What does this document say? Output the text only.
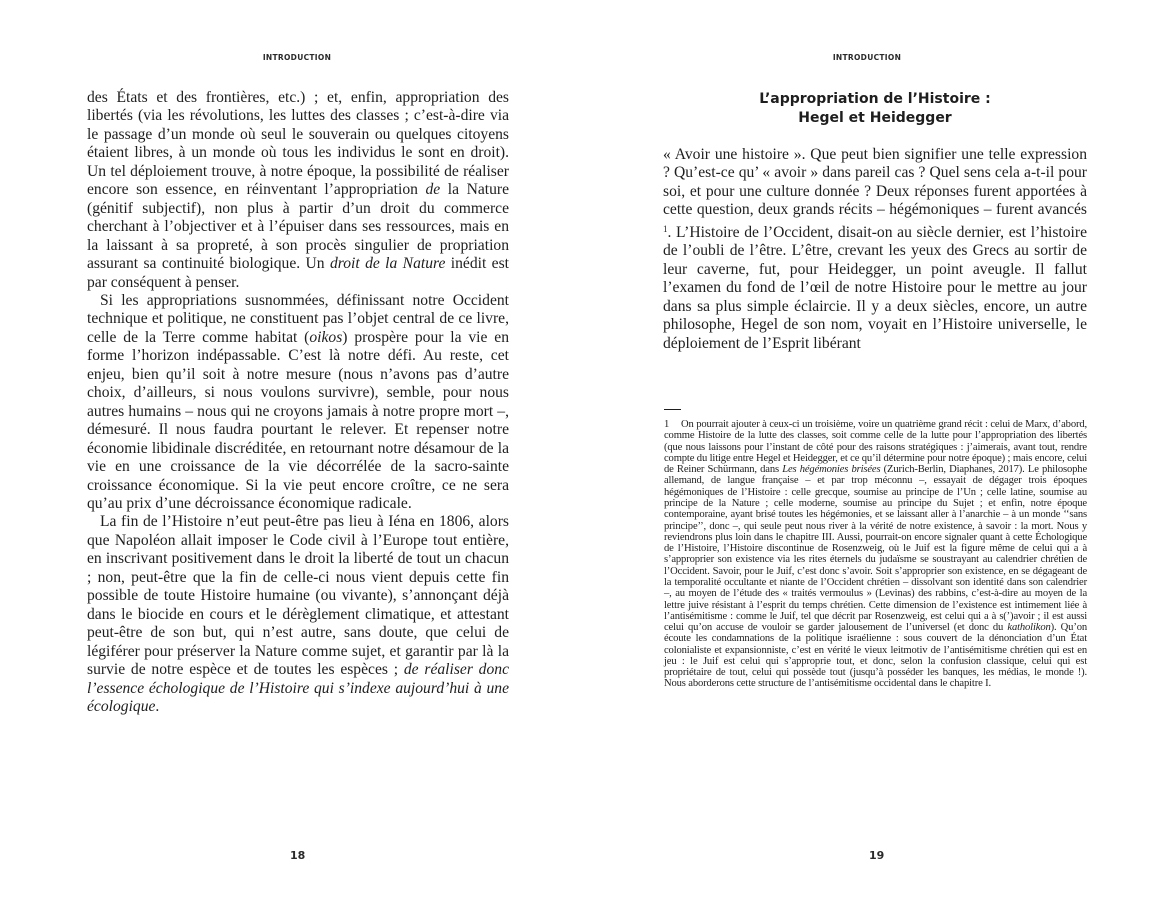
INTRODUCTION

des États et des frontières, etc.) ; et, enfin, appropriation des libertés (via les révolutions, les luttes des classes ; c’est-à-dire via le passage d’un monde où seul le souverain ou quelques citoyens étaient libres, à un monde où tous les individus le sont en droit). Un tel déploiement trouve, à notre époque, la possibilité de réaliser encore son essence, en réinventant l’appropriation de la Nature (génitif subjectif), non plus à partir d’un droit du commerce cherchant à l’objectiver et à l’épuiser dans ses ressources, mais en la laissant à sa propreté, à son procès singulier de propriation assurant sa continuité biologique. Un droit de la Nature inédit est par conséquent à penser.

Si les appropriations susnommées, définissant notre Occident technique et politique, ne constituent pas l’objet central de ce livre, celle de la Terre comme habitat (oikos) prospère pour la vie en forme l’horizon indépassable. C’est là notre défi. Au reste, cet enjeu, bien qu’il soit à notre mesure (nous n’avons pas d’autre choix, d’ailleurs, si nous voulons survivre), semble, pour nous autres humains – nous qui ne croyons jamais à notre propre mort –, démesuré. Il nous faudra pourtant le relever. Et repenser notre économie libidinale discréditée, en retournant notre désamour de la vie en une croissance de la vie décorrélée de la sacro-sainte croissance économique. Si la vie peut encore croître, ce ne sera qu’au prix d’une décroissance économique radicale.

La fin de l’Histoire n’eut peut-être pas lieu à Iéna en 1806, alors que Napoléon allait imposer le Code civil à l’Europe tout entière, en inscrivant positivement dans le droit la liberté de tout un chacun ; non, peut-être que la fin de celle-ci nous vient depuis cette fin possible de toute Histoire humaine (ou vivante), s’annonçant déjà dans le biocide en cours et le dérèglement climatique, et attestant peut-être de son but, qui n’est autre, sans doute, que celui de légiférer pour préserver la Nature comme sujet, et garantir par là la survie de notre espèce et de toutes les espèces ; de réaliser donc l’essence échologique de l’Histoire qui s’indexe aujourd’hui à une écologique.

18
INTRODUCTION
L’appropriation de l’Histoire :
Hegel et Heidegger

« Avoir une histoire ». Que peut bien signifier une telle expression ? Qu’est-ce qu’ « avoir » dans pareil cas ? Quel sens cela a-t-il pour soi, et pour une culture donnée ? Deux réponses furent apportées à cette question, deux grands récits – hégémoniques – furent avancés $^1$. L’Histoire de l’Occident, disait-on au siècle dernier, est l’histoire de l’oubli de l’être. L’être, crevant les yeux des Grecs au sortir de leur caverne, fut, pour Heidegger, un point aveugle. Il fallut l’examen du fond de l’œil de notre Histoire pour le mettre au jour dans sa plus simple éclaircie. Il y a deux siècles, encore, un autre philosophe, Hegel de son nom, voyait en l’Histoire universelle, le déploiement de l’Esprit libérant

1 On pourrait ajouter à ceux-ci un troisième, voire un quatrième grand récit : celui de Marx, d’abord, comme Histoire de la lutte des classes, soit comme celle de la lutte pour l’appropriation des libertés (que nous laissons pour l’instant de côté pour des raisons stratégiques : j’aimerais, avant tout, rendre compte du litige entre Hegel et Heidegger, et ce qu’il détermine pour notre époque) ; mais encore, celui de Reiner Schürmann, dans Les hégémonies brisées (Zurich-Berlin, Diaphanes, 2017). Le philosophe allemand, de langue française – et par trop méconnu –, essayait de dégager trois époques hégémoniques de l’Histoire : celle grecque, soumise au principe de l’Un ; celle latine, soumise au principe de la Nature ; celle moderne, soumise au principe du Sujet ; et enfin, notre époque contemporaine, ayant brisé toutes les hégémonies, et se laissant aller à l’anarchie – à un monde ‘‘sans principe’’, donc –, qui seule peut nous river à la vérité de notre existence, à savoir : la mort. Nous y reviendrons plus loin dans le chapitre III. Aussi, pourrait-on encore signaler quant à cette Échologique de l’Histoire, l’Histoire discontinue de Rosenzweig, où le Juif est la figure même de celui qui a à s’approprier son existence via les rites éternels du judaïsme se soustrayant au calendrier chrétien de l’Occident. Savoir, pour le Juif, c’est donc s’avoir. Soit s’approprier son existence, en se dégageant de la temporalité occultante et niante de l’Occident chrétien – dissolvant son identité dans son calendrier –, au moyen de l’étude des « traités vermoulus » (Levinas) des rabbins, c’est-à-dire au moyen de la lettre juive résistant à l’esprit du temps chrétien. Cette dimension de l’existence est intimement liée à l’antisémitisme : comme le Juif, tel que décrit par Rosenzweig, est celui qui a à s(’)avoir ; il est aussi celui qu’on accuse de vouloir se garder jalousement de l’universel (et donc du katholikon). Qu’on écoute les condamnations de la politique israélienne : sous couvert de la dénonciation d’un État colonialiste et expansionniste, c’est en vérité le vieux leitmotiv de l’antisémitisme chrétien qui est en jeu : le Juif est celui qui s’approprie tout, et donc, selon la confusion classique, celui qui est propriétaire de tout, celui qui possède tout (jusqu’à posséder les banques, les médias, le monde !). Nous aborderons cette structure de l’antisémitisme occidental dans le chapitre I.
19
